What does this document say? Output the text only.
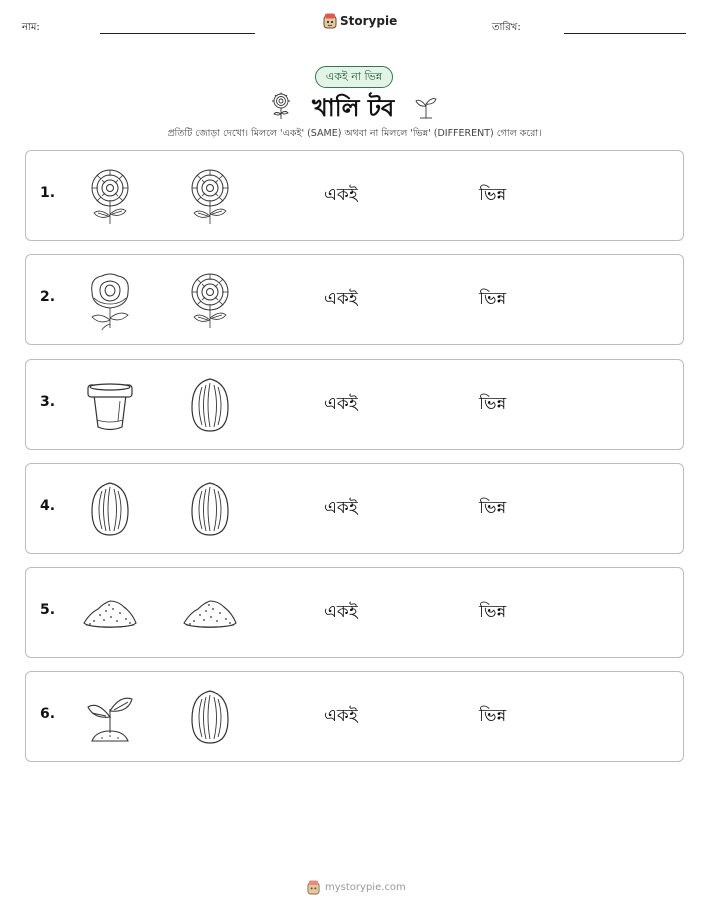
নাম:	Storypie	তারিখ:
একই না ভিন্ন
খালি টব
প্রতিটি জোড়া দেখো। মিললে 'একই' (SAME) অথবা না মিললে 'ভিন্ন' (DIFFERENT) গোল করো।
1.	একই	ভিন্ন
2.	একই	ভিন্ন
3.	একই	ভিন্ন
4.	একই	ভিন্ন
5.	একই	ভিন্ন
6.	একই	ভিন্ন
mystorypie.com
